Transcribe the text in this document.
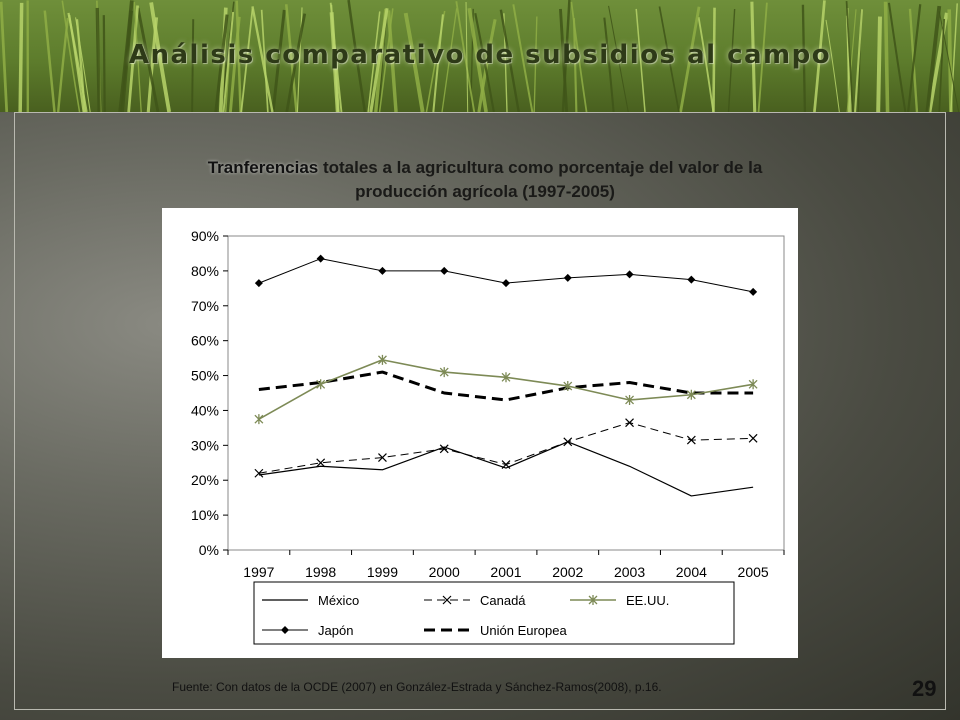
Análisis comparativo de subsidios al campo
Tranferencias totales a la agricultura como porcentaje del valor de la
producción agrícola (1997-2005)
0%
10%
20%
30%
40%
50%
60%
70%
80%
90%
1997 1998 1999 2000 2001 2002 2003 2004 2005
México	Canadá	EE.UU.
Japón	Unión Europea
Fuente: Con datos de la OCDE (2007) en González-Estrada y Sánchez-Ramos(2008), p.16.	29
